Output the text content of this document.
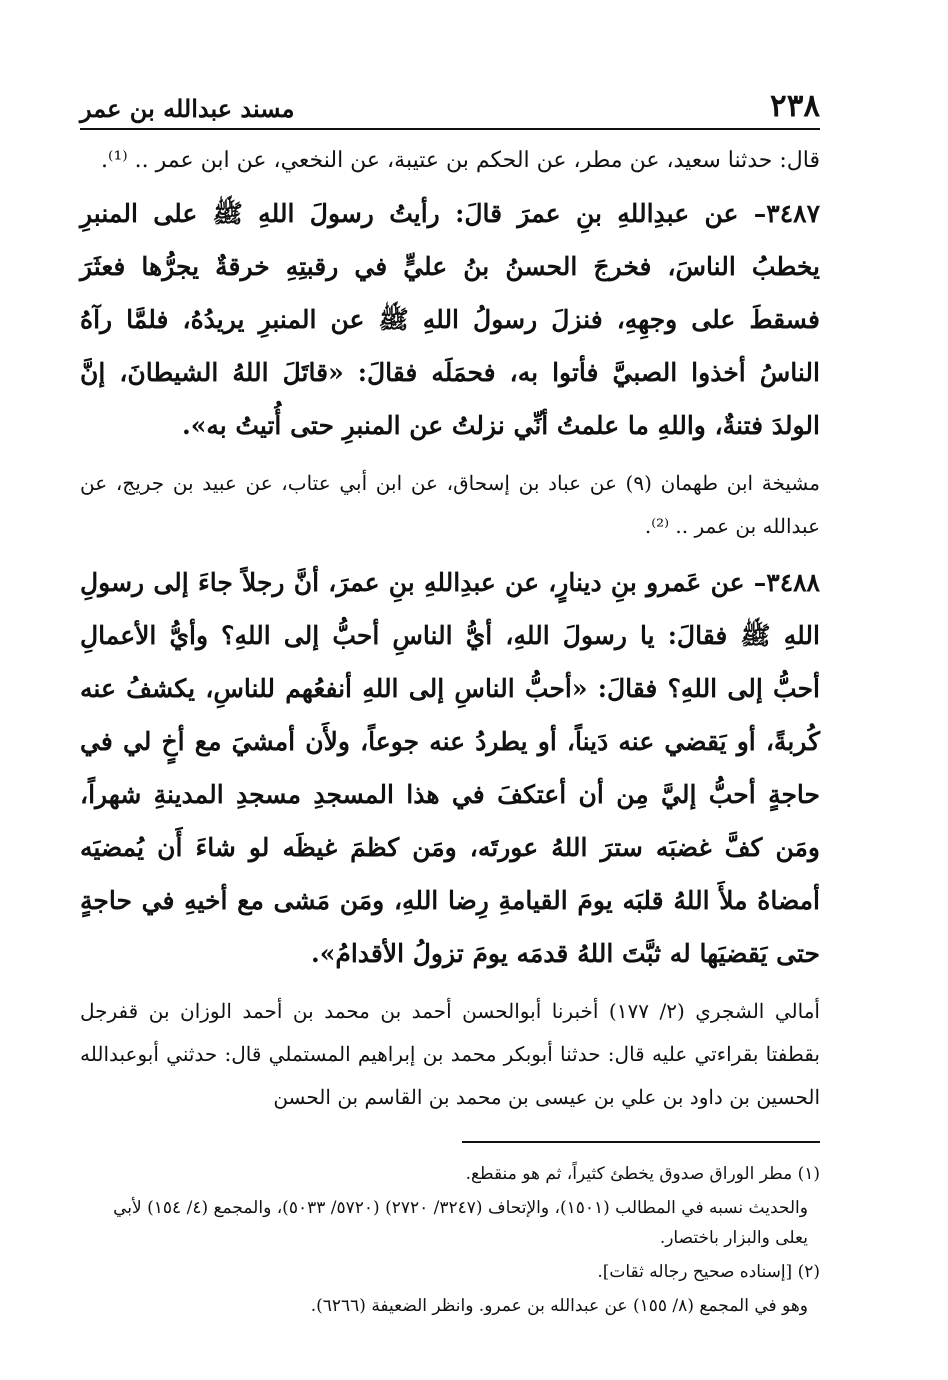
٢٣٨
مسند عبدالله بن عمر

قال: حدثنا سعيد، عن مطر، عن الحكم بن عتيبة، عن النخعي، عن ابن عمر .. ⁽¹⁾.

٣٤٨٧– عن عبدِاللهِ بنِ عمرَ قالَ: رأيتُ رسولَ اللهِ ﷺ على المنبرِ يخطبُ الناسَ، فخرجَ الحسنُ بنُ عليٍّ في رقبتِهِ خرقةٌ يجرُّها فعثَرَ فسقطَ على وجهِهِ، فنزلَ رسولُ اللهِ ﷺ عن المنبرِ يريدُهُ، فلمَّا رآهُ الناسُ أخذوا الصبيَّ فأتوا به، فحمَلَه فقالَ: «قاتَلَ اللهُ الشيطانَ، إنَّ الولدَ فتنةٌ، واللهِ ما علمتُ أنِّي نزلتُ عن المنبرِ حتى أُتيتُ به».

مشيخة ابن طهمان (٩) عن عباد بن إسحاق، عن ابن أبي عتاب، عن عبيد بن جريج، عن عبدالله بن عمر .. ⁽²⁾.

٣٤٨٨– عن عَمرو بنِ دينارٍ، عن عبدِاللهِ بنِ عمرَ، أنَّ رجلاً جاءَ إلى رسولِ اللهِ ﷺ فقالَ: يا رسولَ اللهِ، أيُّ الناسِ أحبُّ إلى اللهِ؟ وأيُّ الأعمالِ أحبُّ إلى اللهِ؟ فقالَ: «أحبُّ الناسِ إلى اللهِ أنفعُهم للناسِ، يكشفُ عنه كُربةً، أو يَقضي عنه دَيناً، أو يطردُ عنه جوعاً، ولأَن أمشيَ مع أخٍ لي في حاجةٍ أحبُّ إليَّ مِن أن أعتكفَ في هذا المسجدِ مسجدِ المدينةِ شهراً، ومَن كفَّ غضبَه سترَ اللهُ عورتَه، ومَن كظمَ غيظَه لو شاءَ أَن يُمضيَه أمضاهُ ملأَ اللهُ قلبَه يومَ القيامةِ رِضا اللهِ، ومَن مَشى مع أخيهِ في حاجةٍ حتى يَقضيَها له ثبَّتَ اللهُ قدمَه يومَ تزولُ الأقدامُ».

أمالي الشجري (٢/ ١٧٧) أخبرنا أبوالحسن أحمد بن محمد بن أحمد الوزان بن قفرجل بقطفتا بقراءتي عليه قال: حدثنا أبوبكر محمد بن إبراهيم المستملي قال: حدثني أبوعبدالله الحسين بن داود بن علي بن عيسى بن محمد بن القاسم بن الحسن

(١) مطر الوراق صدوق يخطئ كثيراً، ثم هو منقطع.

والحديث نسبه في المطالب (١٥٠١)، والإتحاف (٣٢٤٧/ ٢٧٢٠) (٥٧٢٠/ ٥٠٣٣)، والمجمع (٤/ ١٥٤) لأبي يعلى والبزار باختصار.

(٢) [إسناده صحيح رجاله ثقات].

وهو في المجمع (٨/ ١٥٥) عن عبدالله بن عمرو. وانظر الضعيفة (٦٢٦٦).
